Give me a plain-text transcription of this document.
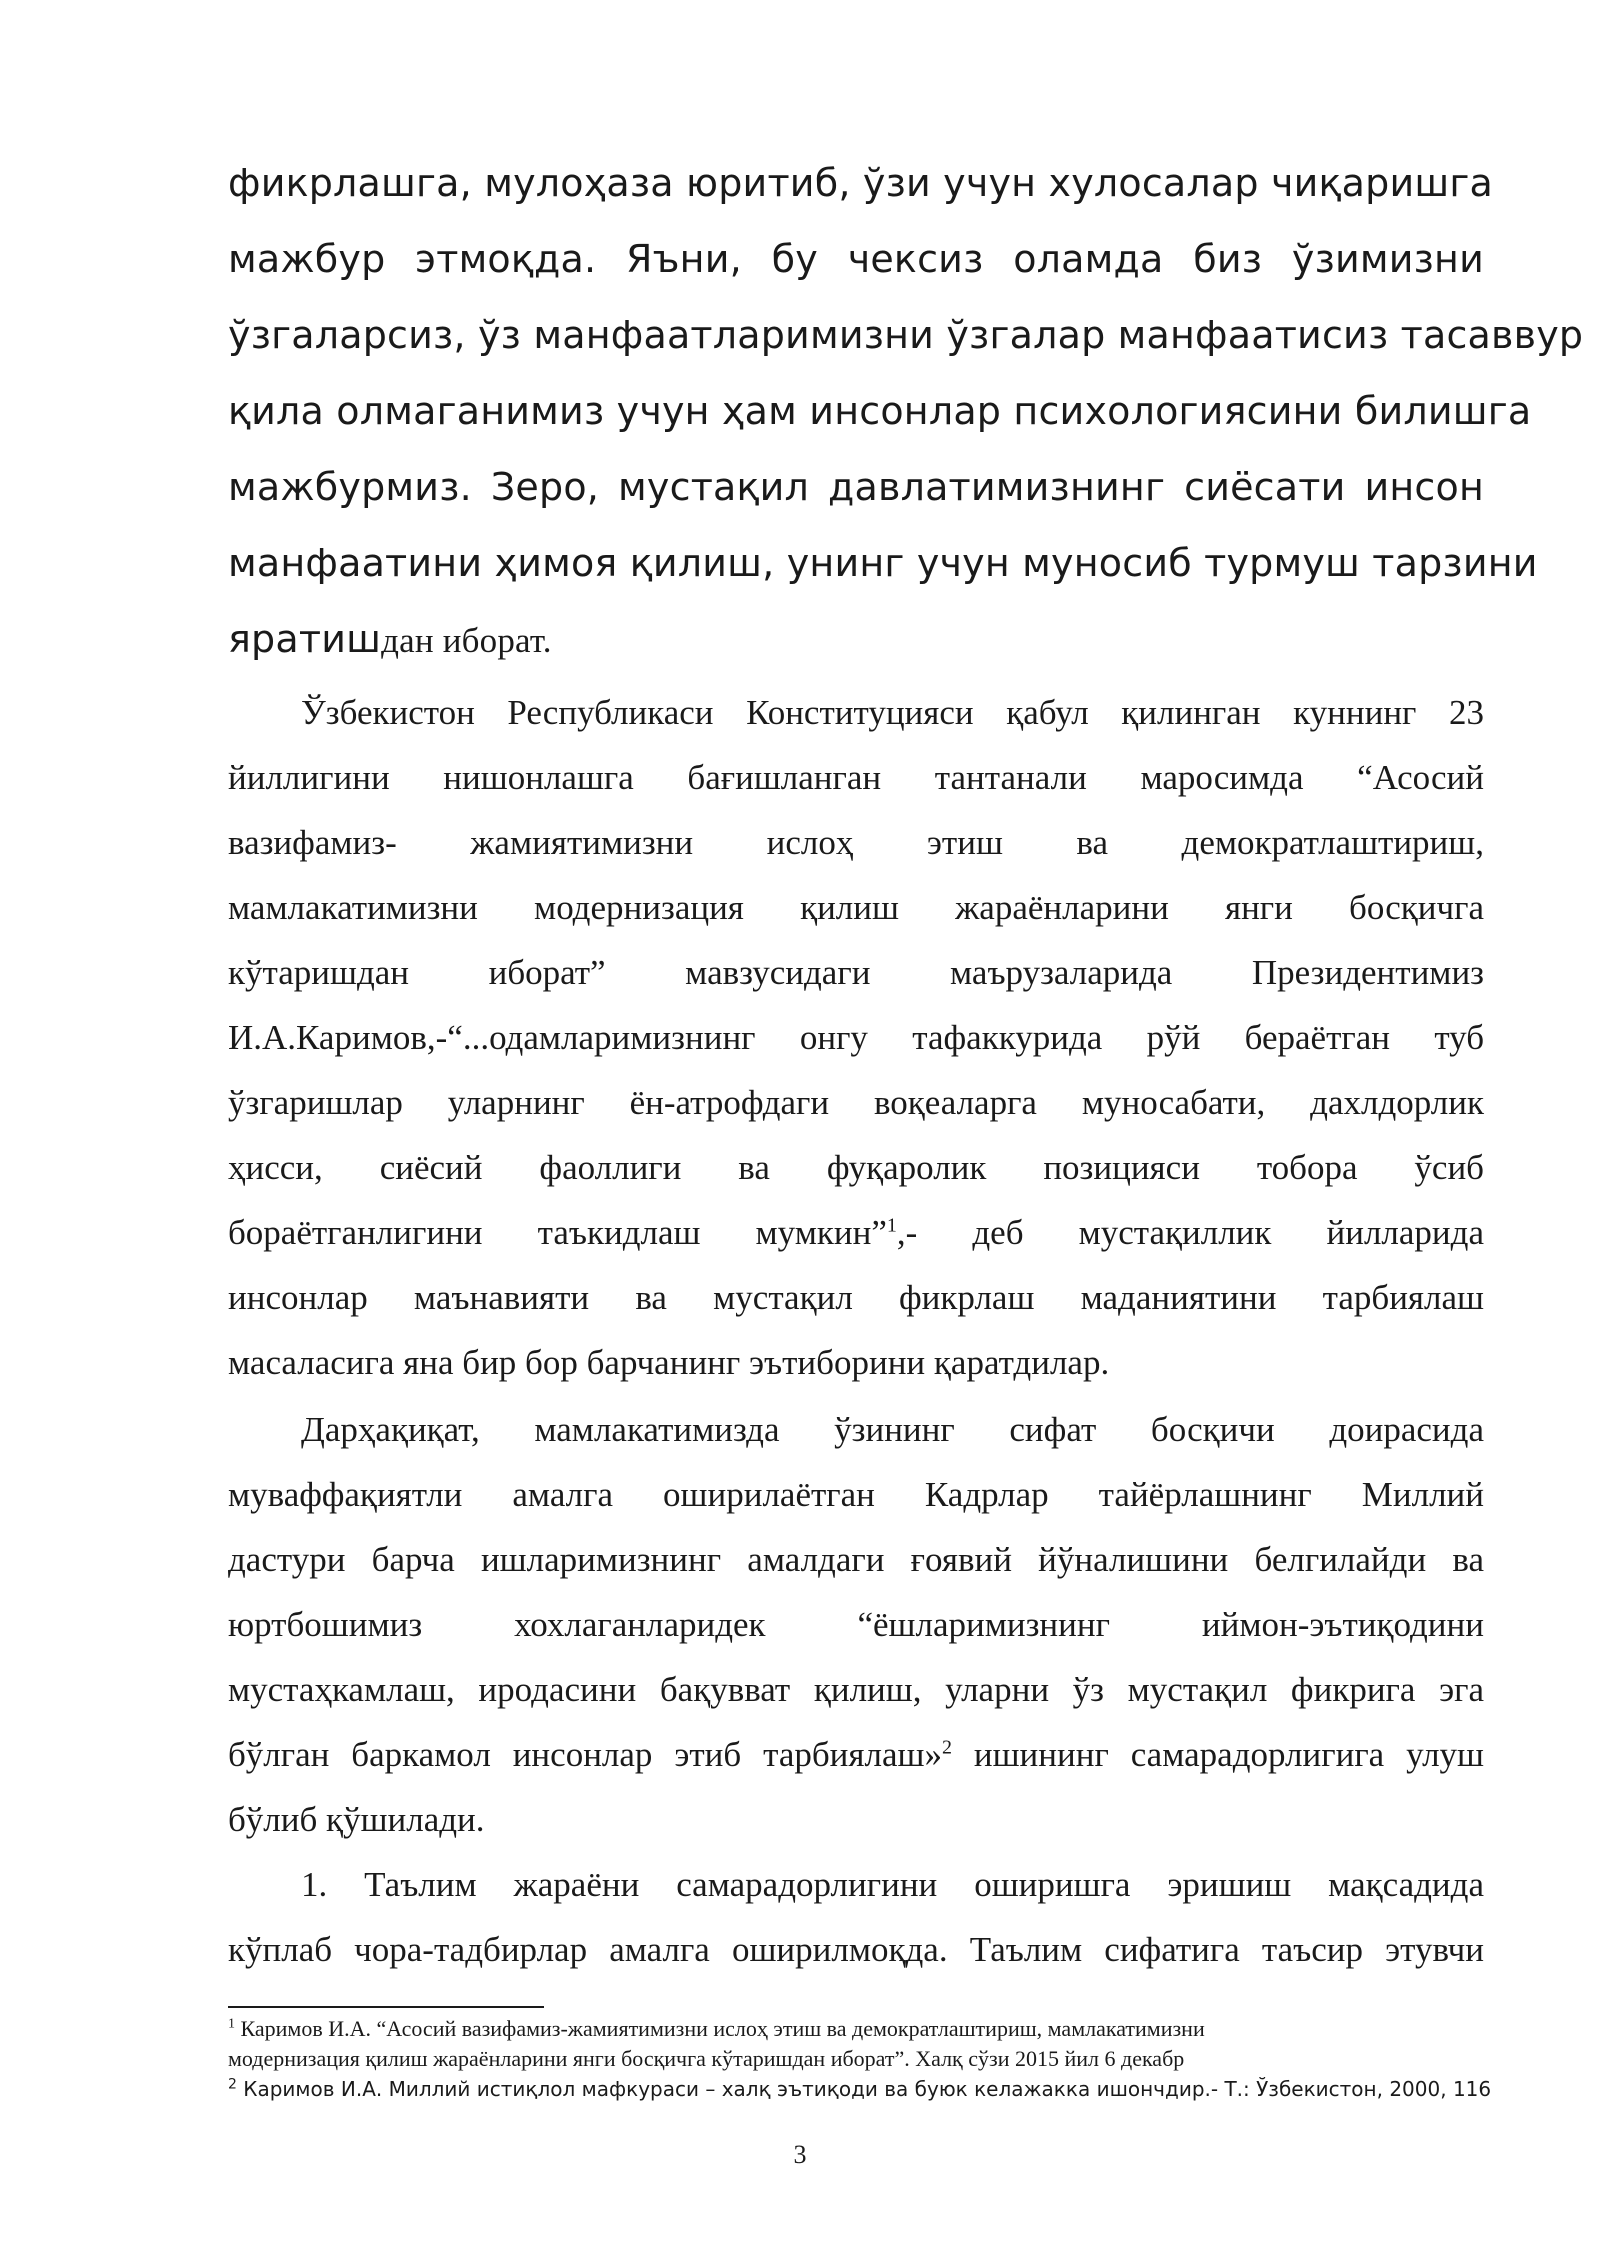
фикрлашга, мулоҳаза юритиб, ўзи учун хулосалар чиқаришга
мажбур этмоқда. Яъни, бу чексиз оламда биз ўзимизни
ўзгаларсиз, ўз манфаатларимизни ўзгалар манфаатисиз тасаввур
қила олмаганимиз учун ҳам инсонлар психологиясини билишга
мажбурмиз. Зеро, мустақил давлатимизнинг сиёсати инсон
манфаатини ҳимоя қилиш, унинг учун муносиб турмуш тарзини
яратишдан иборат.
Ўзбекистон Республикаси Конституцияси қабул қилинган куннинг 23
йиллигини нишонлашга бағишланган тантанали маросимда “Асосий
вазифамиз- жамиятимизни ислоҳ этиш ва демократлаштириш,
мамлакатимизни модернизация қилиш жараёнларини янги босқичга
кўтаришдан иборат” мавзусидаги маърузаларида Президентимиз
И.А.Каримов,-“...одамларимизнинг онгу тафаккурида рўй бераётган туб
ўзгаришлар уларнинг ён-атрофдаги воқеаларга муносабати, дахлдорлик
ҳисси, сиёсий фаоллиги ва фуқаролик позицияси тобора ўсиб
бораётганлигини таъкидлаш мумкин”$^1$,- деб мустақиллик йилларида
инсонлар маънавияти ва мустақил фикрлаш маданиятини тарбиялаш
масаласига яна бир бор барчанинг эътиборини қаратдилар.
Дарҳақиқат, мамлакатимизда ўзининг сифат босқичи доирасида
муваффақиятли амалга оширилаётган Кадрлар тайёрлашнинг Миллий
дастури барча ишларимизнинг амалдаги ғоявий йўналишини белгилайди ва
юртбошимиз хохлаганларидек “ёшларимизнинг иймон-эътиқодини
мустаҳкамлаш, иродасини бақувват қилиш, уларни ўз мустақил фикрига эга
бўлган баркамол инсонлар этиб тарбиялаш»$^2$ ишининг самарадорлигига улуш
бўлиб қўшилади.
1. Таълим жараёни самарадорлигини оширишга эришиш мақсадида
кўплаб чора-тадбирлар амалга оширилмоқда. Таълим сифатига таъсир этувчи
$^1$ Каримов И.А. “Асосий вазифамиз-жамиятимизни ислоҳ этиш ва демократлаштириш, мамлакатимизни
модернизация қилиш жараёнларини янги босқичга кўтаришдан иборат”. Халқ сўзи 2015 йил 6 декабр
$^2$ Каримов И.А. Миллий истиқлол мафкураси – халқ эътиқоди ва буюк келажакка ишончдир.- Т.: Ўзбекистон, 2000, 116
3
